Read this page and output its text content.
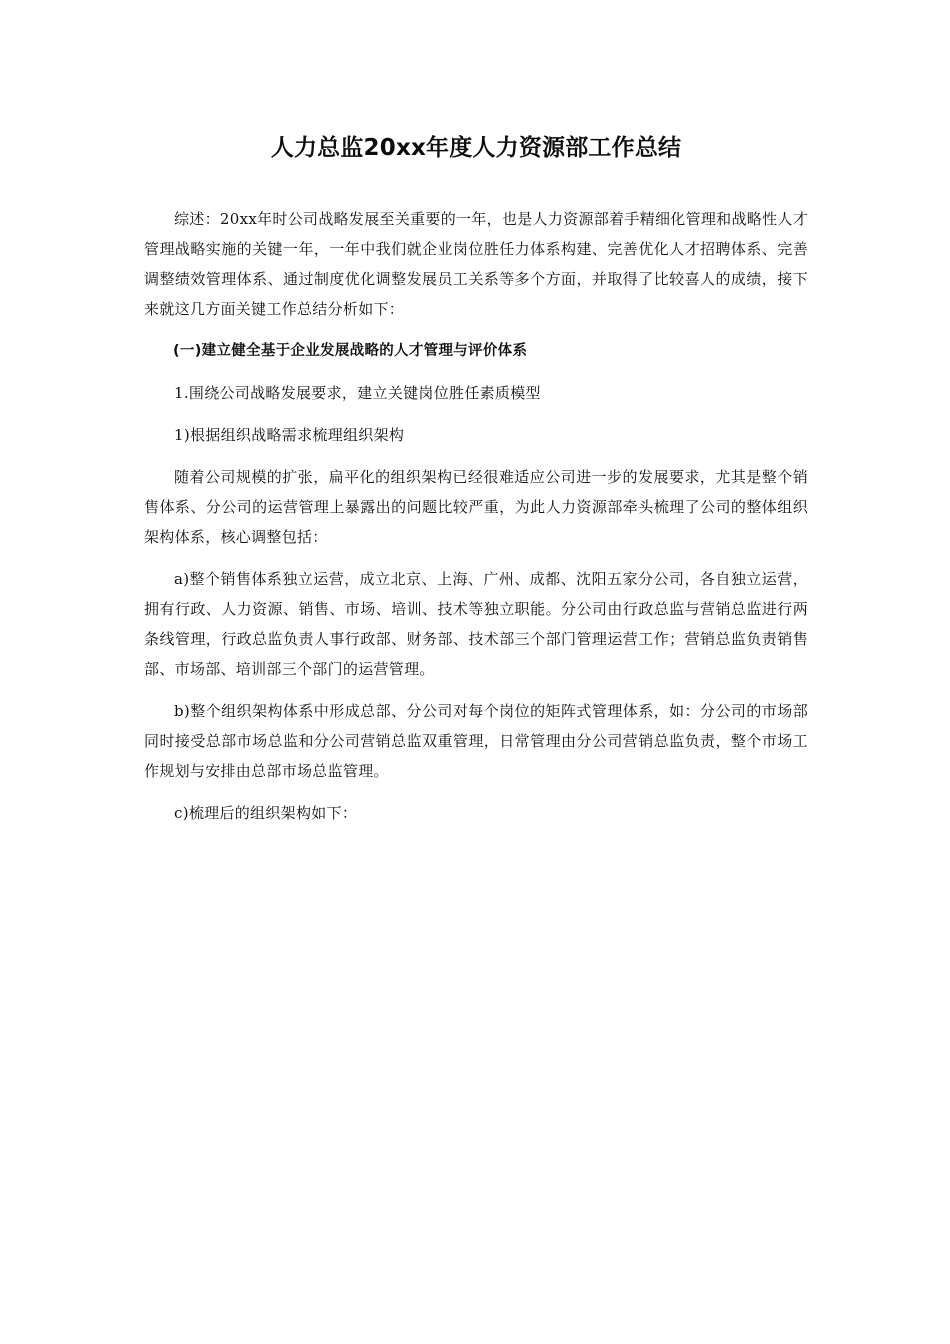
人力总监20xx年度人力资源部工作总结

综述：20xx年时公司战略发展至关重要的一年，也是人力资源部着手精细化管理和战略性人才管理战略实施的关键一年，一年中我们就企业岗位胜任力体系构建、完善优化人才招聘体系、完善调整绩效管理体系、通过制度优化调整发展员工关系等多个方面，并取得了比较喜人的成绩，接下来就这几方面关键工作总结分析如下：

(一)建立健全基于企业发展战略的人才管理与评价体系

1.围绕公司战略发展要求，建立关键岗位胜任素质模型

1)根据组织战略需求梳理组织架构

随着公司规模的扩张，扁平化的组织架构已经很难适应公司进一步的发展要求，尤其是整个销售体系、分公司的运营管理上暴露出的问题比较严重，为此人力资源部牵头梳理了公司的整体组织架构体系，核心调整包括：

a)整个销售体系独立运营，成立北京、上海、广州、成都、沈阳五家分公司，各自独立运营，拥有行政、人力资源、销售、市场、培训、技术等独立职能。分公司由行政总监与营销总监进行两条线管理，行政总监负责人事行政部、财务部、技术部三个部门管理运营工作；营销总监负责销售部、市场部、培训部三个部门的运营管理。

b)整个组织架构体系中形成总部、分公司对每个岗位的矩阵式管理体系，如：分公司的市场部同时接受总部市场总监和分公司营销总监双重管理，日常管理由分公司营销总监负责，整个市场工作规划与安排由总部市场总监管理。

c)梳理后的组织架构如下：
